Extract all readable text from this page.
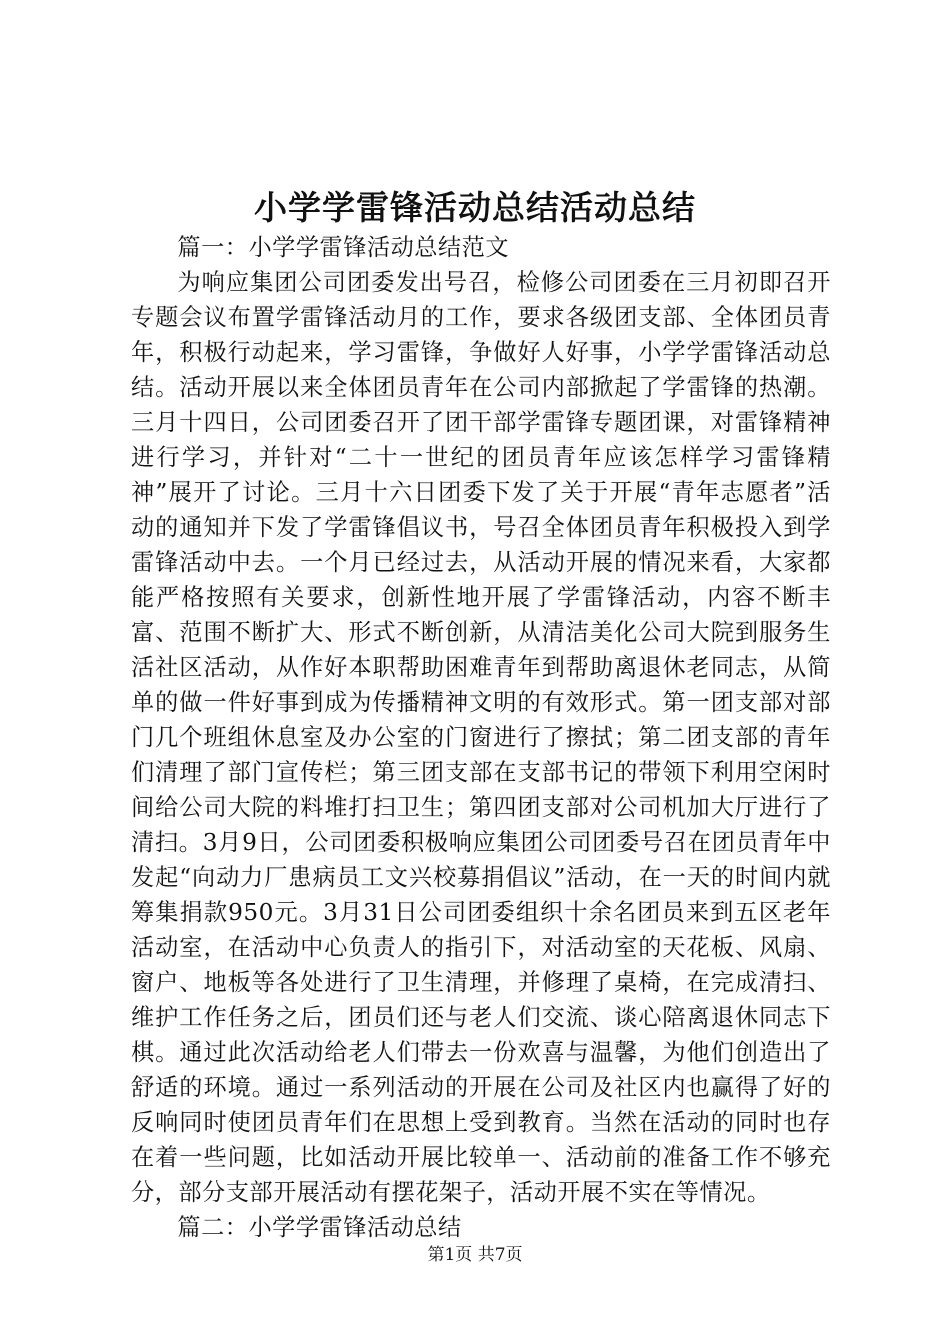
小学学雷锋活动总结活动总结

篇一：小学学雷锋活动总结范文

为响应集团公司团委发出号召，检修公司团委在三月初即召开专题会议布置学雷锋活动月的工作，要求各级团支部、全体团员青年，积极行动起来，学习雷锋，争做好人好事，小学学雷锋活动总结。活动开展以来全体团员青年在公司内部掀起了学雷锋的热潮。三月十四日，公司团委召开了团干部学雷锋专题团课，对雷锋精神进行学习，并针对“二十一世纪的团员青年应该怎样学习雷锋精神”展开了讨论。三月十六日团委下发了关于开展“青年志愿者”活动的通知并下发了学雷锋倡议书，号召全体团员青年积极投入到学雷锋活动中去。一个月已经过去，从活动开展的情况来看，大家都能严格按照有关要求，创新性地开展了学雷锋活动，内容不断丰富、范围不断扩大、形式不断创新，从清洁美化公司大院到服务生活社区活动，从作好本职帮助困难青年到帮助离退休老同志，从简单的做一件好事到成为传播精神文明的有效形式。第一团支部对部门几个班组休息室及办公室的门窗进行了擦拭；第二团支部的青年们清理了部门宣传栏；第三团支部在支部书记的带领下利用空闲时间给公司大院的料堆打扫卫生；第四团支部对公司机加大厅进行了清扫。3月9日，公司团委积极响应集团公司团委号召在团员青年中发起“向动力厂患病员工文兴校募捐倡议”活动，在一天的时间内就筹集捐款950元。3月31日公司团委组织十余名团员来到五区老年活动室，在活动中心负责人的指引下，对活动室的天花板、风扇、窗户、地板等各处进行了卫生清理，并修理了桌椅，在完成清扫、维护工作任务之后，团员们还与老人们交流、谈心陪离退休同志下棋。通过此次活动给老人们带去一份欢喜与温馨，为他们创造出了舒适的环境。通过一系列活动的开展在公司及社区内也赢得了好的反响同时使团员青年们在思想上受到教育。当然在活动的同时也存在着一些问题，比如活动开展比较单一、活动前的准备工作不够充分，部分支部开展活动有摆花架子，活动开展不实在等情况。

篇二：小学学雷锋活动总结

第1页 共7页
